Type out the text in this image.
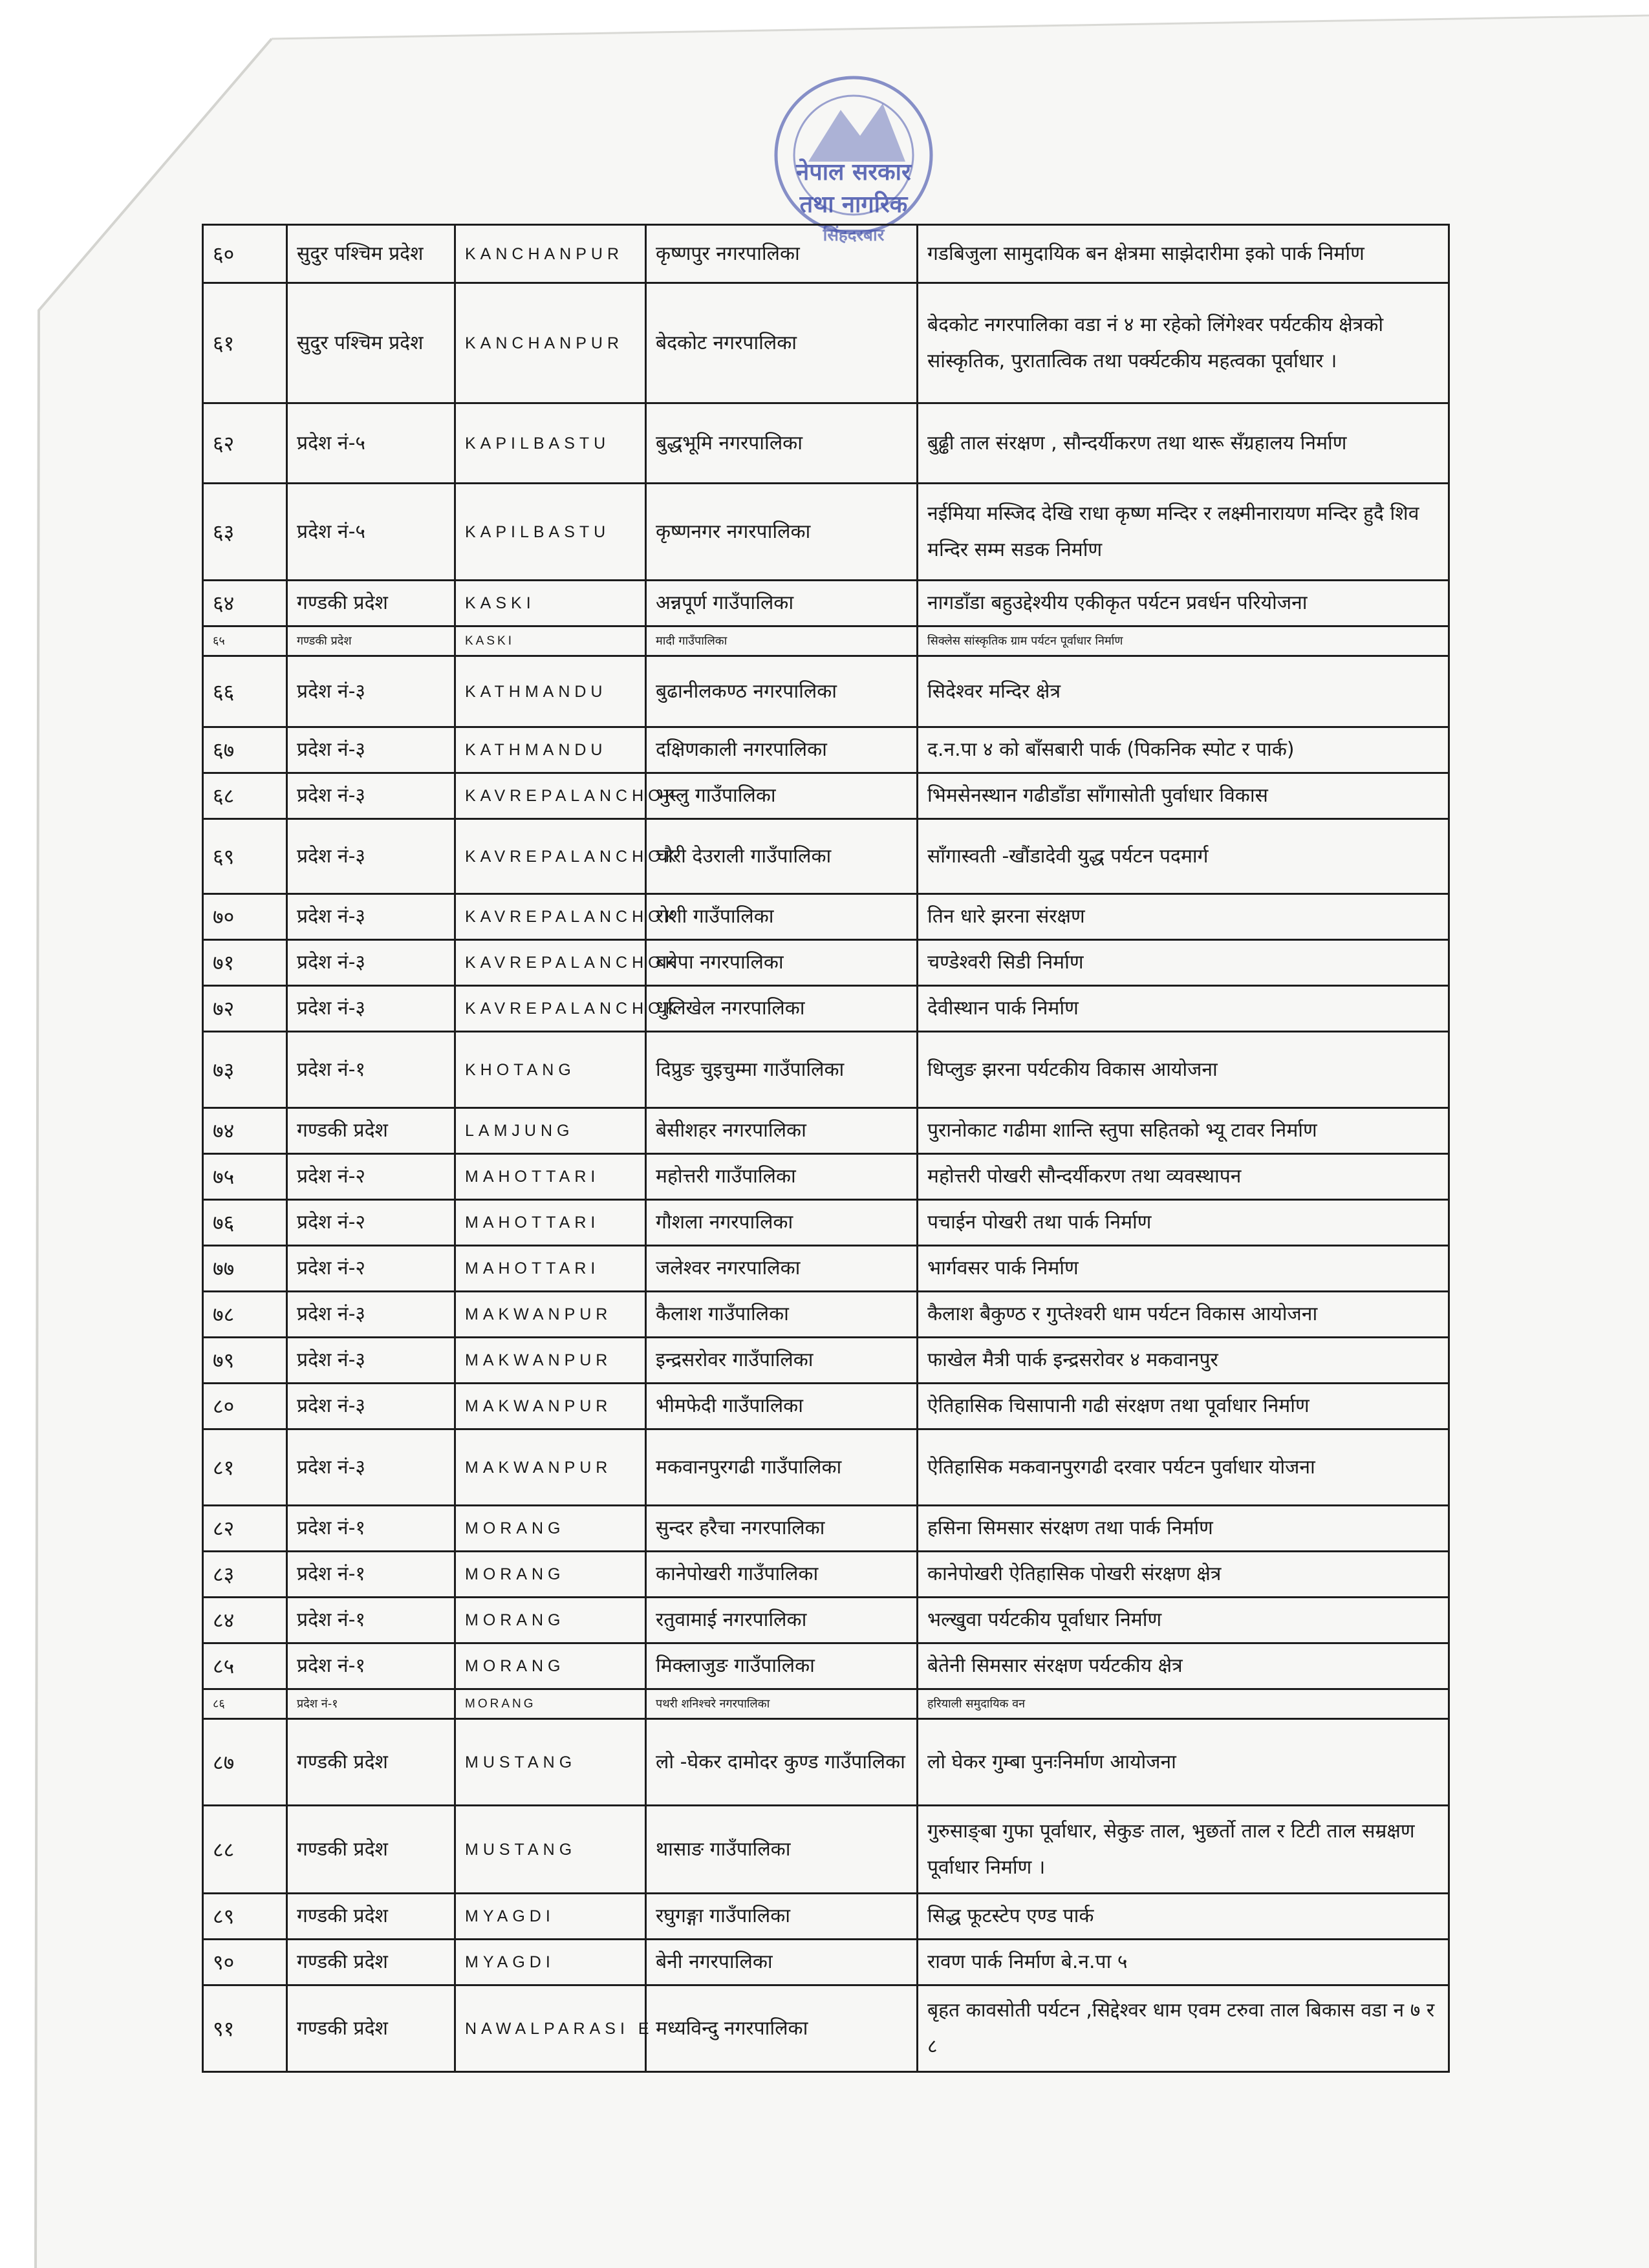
नेपाल सरकार
तथा नागरिक
सिंहदरबार
६०	सुदुर पश्चिम प्रदेश	KANCHANPUR	कृष्णपुर नगरपालिका	गडबिजुला सामुदायिक बन क्षेत्रमा साझेदारीमा इको पार्क निर्माण
६१	सुदुर पश्चिम प्रदेश	KANCHANPUR	बेदकोट नगरपालिका	बेदकोट नगरपालिका वडा नं ४ मा रहेको लिंगेश्वर पर्यटकीय क्षेत्रको सांस्कृतिक, पुरातात्विक तथा पर्क्यटकीय महत्वका पूर्वाधार ।
६२	प्रदेश नं-५	KAPILBASTU	बुद्धभूमि नगरपालिका	बुढ्ढी ताल संरक्षण , सौन्दर्यीकरण तथा थारू सँग्रहालय निर्माण
६३	प्रदेश नं-५	KAPILBASTU	कृष्णनगर नगरपालिका	नईमिया मस्जिद देखि राधा कृष्ण मन्दिर र लक्ष्मीनारायण मन्दिर हुदै शिव मन्दिर सम्म सडक निर्माण
६४	गण्डकी प्रदेश	KASKI	अन्नपूर्ण गाउँपालिका	नागडाँडा बहुउद्देश्यीय एकीकृत पर्यटन प्रवर्धन परियोजना
६५	गण्डकी प्रदेश	KASKI	मादी गाउँपालिका	सिक्लेस सांस्कृतिक ग्राम पर्यटन पूर्वाधार निर्माण
६६	प्रदेश नं-३	KATHMANDU	बुढानीलकण्ठ नगरपालिका	सिदेश्वर मन्दिर क्षेत्र
६७	प्रदेश नं-३	KATHMANDU	दक्षिणकाली नगरपालिका	द.न.पा ४ को बाँसबारी पार्क (पिकनिक स्पोट र पार्क)
६८	प्रदेश नं-३	KAVREPALANCHOK	भुम्लु गाउँपालिका	भिमसेनस्थान गढीडाँडा साँगासोती पुर्वाधार विकास
६९	प्रदेश नं-३	KAVREPALANCHOK	चौरी देउराली गाउँपालिका	साँगास्वती -खौंडादेवी युद्ध पर्यटन पदमार्ग
७०	प्रदेश नं-३	KAVREPALANCHOK	रोशी गाउँपालिका	तिन धारे झरना संरक्षण
७१	प्रदेश नं-३	KAVREPALANCHOK	बनेपा नगरपालिका	चण्डेश्वरी सिडी निर्माण
७२	प्रदेश नं-३	KAVREPALANCHOK	धुलिखेल नगरपालिका	देवीस्थान पार्क निर्माण
७३	प्रदेश नं-१	KHOTANG	दिप्रुङ चुइचुम्मा गाउँपालिका	धिप्लुङ झरना पर्यटकीय विकास आयोजना
७४	गण्डकी प्रदेश	LAMJUNG	बेसीशहर नगरपालिका	पुरानोकाट गढीमा शान्ति स्तुपा सहितको भ्यू टावर निर्माण
७५	प्रदेश नं-२	MAHOTTARI	महोत्तरी गाउँपालिका	महोत्तरी पोखरी सौन्दर्यीकरण तथा व्यवस्थापन
७६	प्रदेश नं-२	MAHOTTARI	गौशला नगरपालिका	पचाईन पोखरी तथा पार्क निर्माण
७७	प्रदेश नं-२	MAHOTTARI	जलेश्वर नगरपालिका	भार्गवसर पार्क निर्माण
७८	प्रदेश नं-३	MAKWANPUR	कैलाश गाउँपालिका	कैलाश बैकुण्ठ र गुप्तेश्वरी धाम पर्यटन विकास आयोजना
७९	प्रदेश नं-३	MAKWANPUR	इन्द्रसरोवर गाउँपालिका	फाखेल मैत्री पार्क इन्द्रसरोवर ४ मकवानपुर
८०	प्रदेश नं-३	MAKWANPUR	भीमफेदी गाउँपालिका	ऐतिहासिक चिसापानी गढी संरक्षण तथा पूर्वाधार निर्माण
८१	प्रदेश नं-३	MAKWANPUR	मकवानपुरगढी गाउँपालिका	ऐतिहासिक मकवानपुरगढी दरवार पर्यटन पुर्वाधार योजना
८२	प्रदेश नं-१	MORANG	सुन्दर हरैचा नगरपालिका	हसिना सिमसार संरक्षण तथा पार्क निर्माण
८३	प्रदेश नं-१	MORANG	कानेपोखरी गाउँपालिका	कानेपोखरी ऐतिहासिक पोखरी संरक्षण क्षेत्र
८४	प्रदेश नं-१	MORANG	रतुवामाई नगरपालिका	भल्खुवा पर्यटकीय पूर्वाधार निर्माण
८५	प्रदेश नं-१	MORANG	मिक्लाजुङ गाउँपालिका	बेतेनी सिमसार संरक्षण पर्यटकीय क्षेत्र
८६	प्रदेश नं-१	MORANG	पथरी शनिश्चरे नगरपालिका	हरियाली समुदायिक वन
८७	गण्डकी प्रदेश	MUSTANG	लो -घेकर दामोदर कुण्ड गाउँपालिका	लो घेकर गुम्बा पुनःनिर्माण आयोजना
८८	गण्डकी प्रदेश	MUSTANG	थासाङ गाउँपालिका	गुरुसाङ्बा गुफा पूर्वाधार, सेकुङ ताल, भुछर्तो ताल र टिटी ताल सम्रक्षण पूर्वाधार निर्माण ।
८९	गण्डकी प्रदेश	MYAGDI	रघुगङ्गा गाउँपालिका	सिद्ध फूटस्टेप एण्ड पार्क
९०	गण्डकी प्रदेश	MYAGDI	बेनी नगरपालिका	रावण पार्क निर्माण बे.न.पा ५
९१	गण्डकी प्रदेश	NAWALPARASI E	मध्यविन्दु नगरपालिका	बृहत कावसोती पर्यटन ,सिद्देश्वर धाम एवम टरुवा ताल बिकास वडा न ७ र ८
